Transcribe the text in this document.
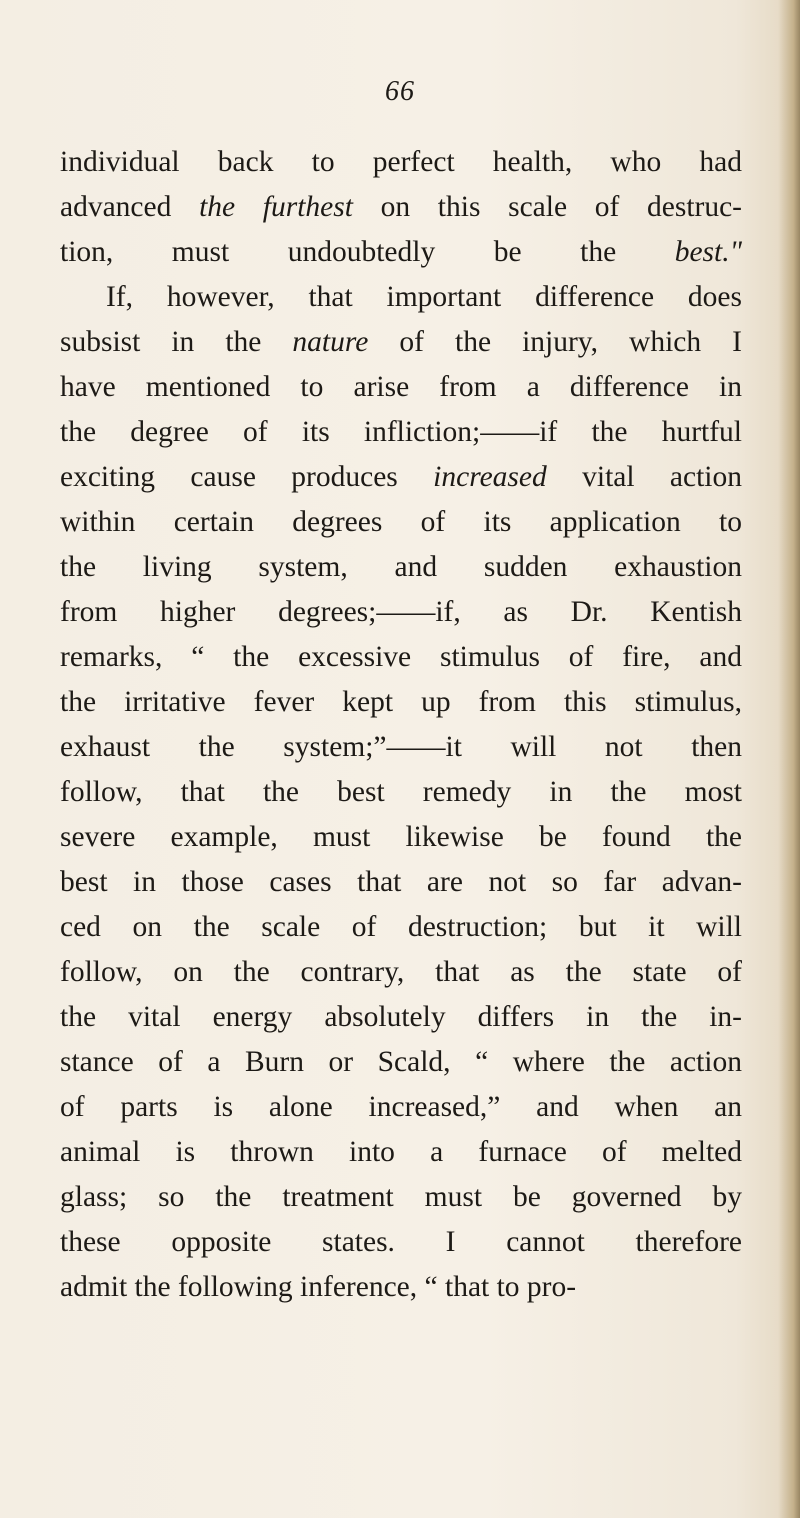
66
individual back to perfect health, who had
advanced the furthest on this scale of destruc-
tion, must undoubtedly be the best."
If, however, that important difference does
subsist in the nature of the injury, which I
have mentioned to arise from a difference in
the degree of its infliction;——if the hurtful
exciting cause produces increased vital action
within certain degrees of its application to
the living system, and sudden exhaustion
from higher degrees;——if, as Dr. Kentish
remarks, “ the excessive stimulus of fire, and
the irritative fever kept up from this stimulus,
exhaust the system;”——it will not then
follow, that the best remedy in the most
severe example, must likewise be found the
best in those cases that are not so far advan-
ced on the scale of destruction; but it will
follow, on the contrary, that as the state of
the vital energy absolutely differs in the in-
stance of a Burn or Scald, “ where the action
of parts is alone increased,” and when an
animal is thrown into a furnace of melted
glass; so the treatment must be governed by
these opposite states. I cannot therefore
admit the following inference, “ that to pro-
